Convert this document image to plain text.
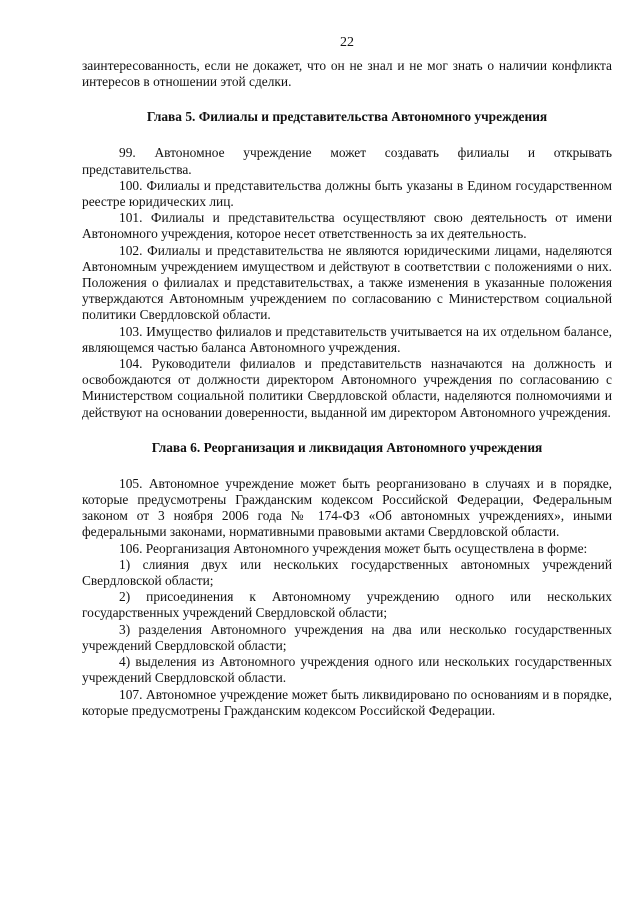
22

заинтересованность, если не докажет, что он не знал и не мог знать о наличии конфликта интересов в отношении этой сделки.

Глава 5. Филиалы и представительства Автономного учреждения

99. Автономное учреждение может создавать филиалы и открывать представительства.

100. Филиалы и представительства должны быть указаны в Едином государственном реестре юридических лиц.

101. Филиалы и представительства осуществляют свою деятельность от имени Автономного учреждения, которое несет ответственность за их деятельность.

102. Филиалы и представительства не являются юридическими лицами, наделяются Автономным учреждением имуществом и действуют в соответствии с положениями о них. Положения о филиалах и представительствах, а также изменения в указанные положения утверждаются Автономным учреждением по согласованию с Министерством социальной политики Свердловской области.

103. Имущество филиалов и представительств учитывается на их отдельном балансе, являющемся частью баланса Автономного учреждения.

104. Руководители филиалов и представительств назначаются на должность и освобождаются от должности директором Автономного учреждения по согласованию с Министерством социальной политики Свердловской области, наделяются полномочиями и действуют на основании доверенности, выданной им директором Автономного учреждения.

Глава 6. Реорганизация и ликвидация Автономного учреждения

105. Автономное учреждение может быть реорганизовано в случаях и в порядке, которые предусмотрены Гражданским кодексом Российской Федерации, Федеральным законом от 3 ноября 2006 года № 174-ФЗ «Об автономных учреждениях», иными федеральными законами, нормативными правовыми актами Свердловской области.

106. Реорганизация Автономного учреждения может быть осуществлена в форме:

1) слияния двух или нескольких государственных автономных учреждений Свердловской области;

2) присоединения к Автономному учреждению одного или нескольких государственных учреждений Свердловской области;

3) разделения Автономного учреждения на два или несколько государственных учреждений Свердловской области;

4) выделения из Автономного учреждения одного или нескольких государственных учреждений Свердловской области.

107. Автономное учреждение может быть ликвидировано по основаниям и в порядке, которые предусмотрены Гражданским кодексом Российской Федерации.
